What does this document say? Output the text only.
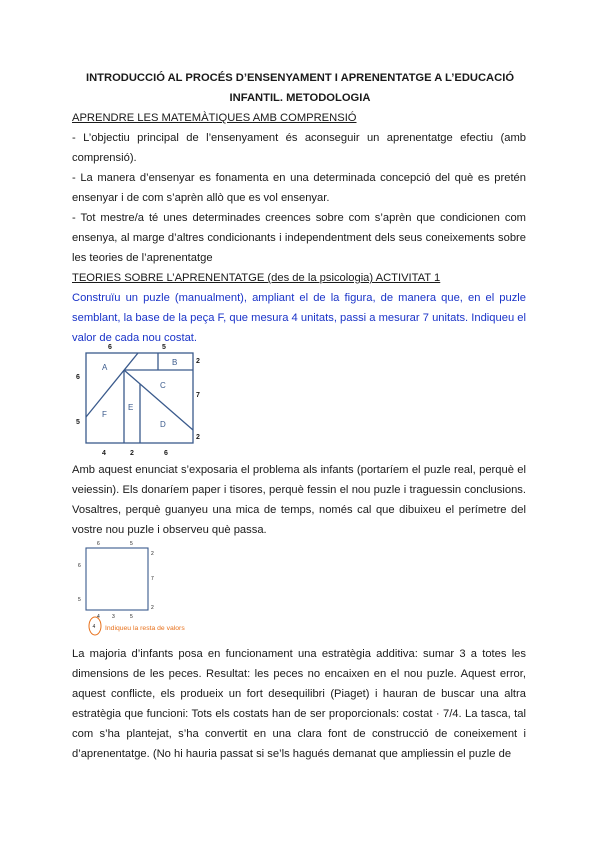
INTRODUCCIÓ AL PROCÉS D’ENSENYAMENT I APRENENTATGE A L’EDUCACIÓ
INFANTIL. METODOLOGIA
APRENDRE LES MATEMÀTIQUES AMB COMPRENSIÓ
- L’objectiu principal de l’ensenyament és aconseguir un aprenentatge efectiu (amb comprensió).
- La manera d’ensenyar es fonamenta en una determinada concepció del què es pretén ensenyar i de com s’aprèn allò que es vol ensenyar.
- Tot mestre/a té unes determinades creences sobre com s’aprèn que condicionen com ensenya, al marge d’altres condicionants i independentment dels seus coneixements sobre les teories de l’aprenentatge
TEORIES SOBRE L’APRENENTATGE (des de la psicologia) ACTIVITAT 1
Construïu un puzle (manualment), ampliant el de la figura, de manera que, en el puzle semblant, la base de la peça F, que mesura 4 unitats, passi a mesurar 7 unitats. Indiqueu el valor de cada nou costat.
6	5
6
5
2
7
2
4	2	6
A
B
C
D
E
F
Amb aquest enunciat s’exposaria el problema als infants (portaríem el puzle real, perquè el veiessin). Els donaríem paper i tisores, perquè fessin el nou puzle i traguessin conclusions. Vosaltres, perquè guanyeu una mica de temps, només cal que dibuixeu el perímetre del vostre nou puzle i observeu què passa.
6	5
6
5
2
7
2
4 3	5
4 Indiqueu la resta de valors
La majoria d’infants posa en funcionament una estratègia additiva: sumar 3 a totes les dimensions de les peces. Resultat: les peces no encaixen en el nou puzle. Aquest error, aquest conflicte, els produeix un fort desequilibri (Piaget) i hauran de buscar una altra estratègia que funcioni: Tots els costats han de ser proporcionals: costat · 7/4. La tasca, tal com s’ha plantejat, s’ha convertit en una clara font de construcció de coneixement i d’aprenentatge. (No hi hauria passat si se’ls hagués demanat que ampliessin el puzle de
